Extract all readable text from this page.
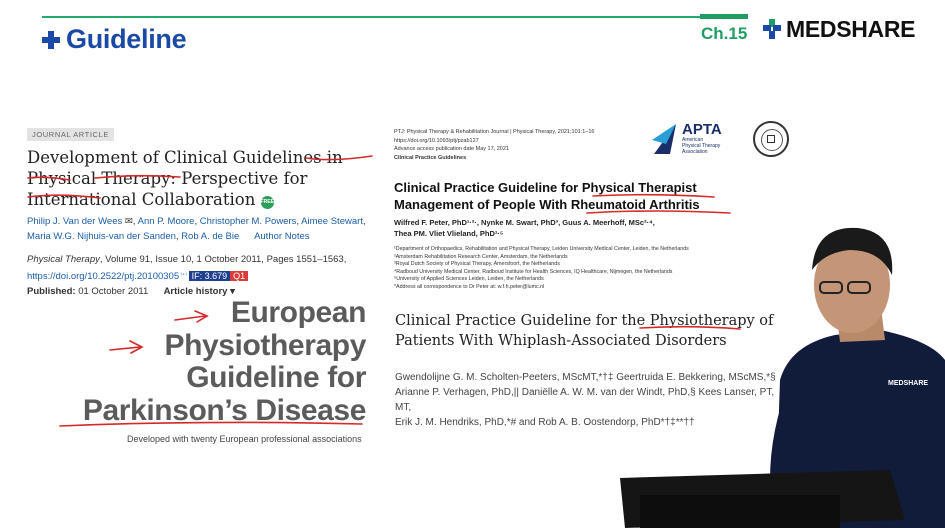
Guideline	Ch.15 MEDSHARE
JOURNAL ARTICLE
Development of Clinical Guidelines in Physical Therapy: Perspective for International Collaboration FREE
Philip J. Van der Wees ✉, Ann P. Moore, Christopher M. Powers, Aimee Stewart,
Maria W.G. Nijhuis-van der Sanden, Rob A. de Bie Author Notes
Physical Therapy, Volume 91, Issue 10, 1 October 2011, Pages 1551–1563,
https://doi.org/10.2522/ptj.20100305 ⁽⁺⁾ IF: 3.679 Q1
Published: 01 October 2011 Article history ▾
European
Physiotherapy
Guideline for
Parkinson’s Disease
Developed with twenty European professional associations
PTJ: Physical Therapy & Rehabilitation Journal | Physical Therapy, 2021;101:1–16
https://doi.org/10.1093/ptj/pzab127
Advance access publication date May 17, 2021
Clinical Practice Guidelines
APTA
American
Physical Therapy
Association
Clinical Practice Guideline for Physical Therapist Management of People With Rheumatoid Arthritis
Wilfred F. Peter, PhD¹·²·, Nynke M. Swart, PhD³, Guus A. Meerhoff, MSc²·⁴,
Thea PM. Vliet Vlieland, PhD¹·⁵
¹Department of Orthopaedics, Rehabilitation and Physical Therapy, Leiden University Medical Center, Leiden, the Netherlands
²Amsterdam Rehabilitation Research Center, Amsterdam, the Netherlands
³Royal Dutch Society of Physical Therapy, Amersfoort, the Netherlands
⁴Radboud University Medical Center, Radboud Institute for Health Sciences, IQ Healthcare, Nijmegen, the Netherlands
⁵University of Applied Sciences Leiden, Leiden, the Netherlands
*Address all correspondence to Dr Peter at: w.f.h.peter@lumc.nl
Clinical Practice Guideline for the Physiotherapy of
Patients With Whiplash-Associated Disorders
Gwendolijne G. M. Scholten-Peeters, MScMT,*†‡ Geertruida E. Bekkering, MScMS,*§
Arianne P. Verhagen, PhD,|| Daniëlle A. W. M. van der Windt, PhD,§ Kees Lanser, PT, MT,
Erik J. M. Hendriks, PhD,*# and Rob A. B. Oostendorp, PhD*†‡**††
MEDSHARE
